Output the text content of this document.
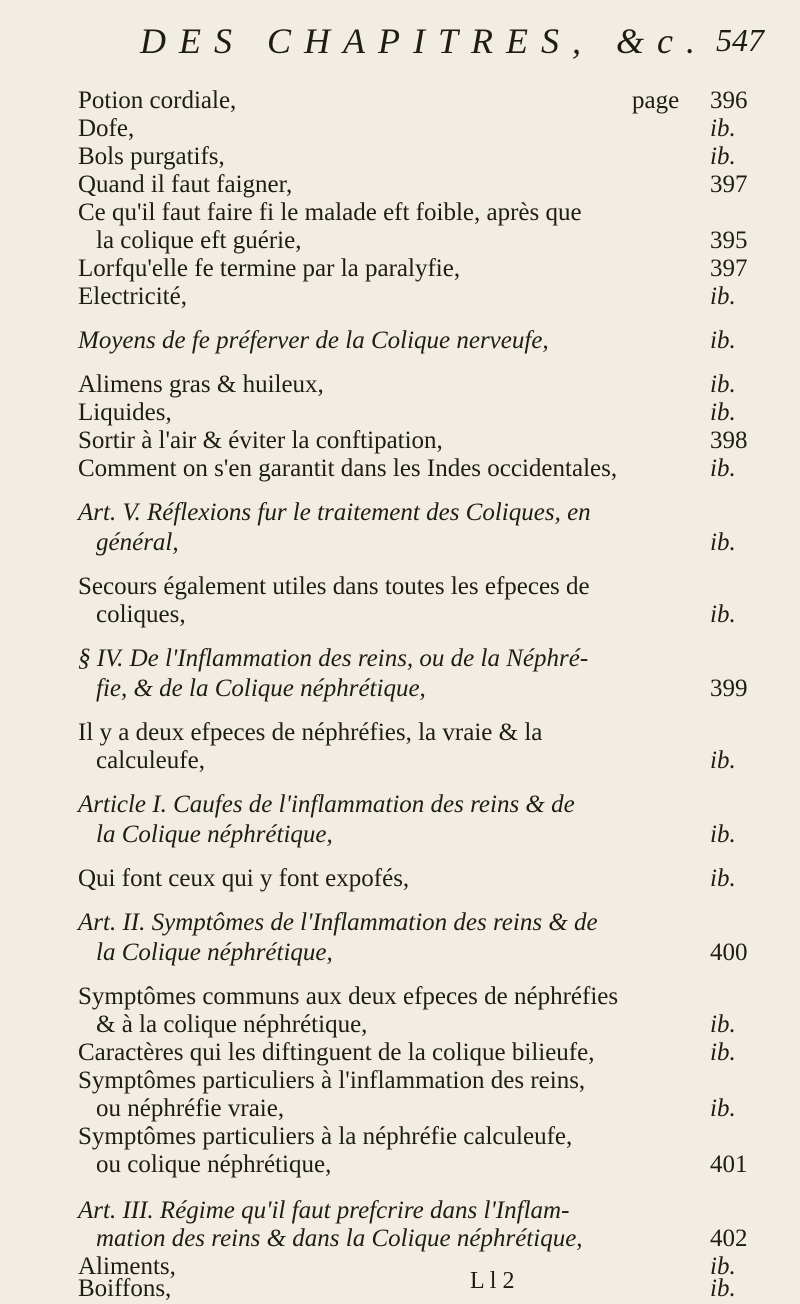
DES CHAPITRES, &c. 547
Potion cordiale,	page 396
Dofe,	ib.
Bols purgatifs,	ib.
Quand il faut faigner,	397
Ce qu'il faut faire fi le malade eft foible, après que
la colique eft guérie,	395
Lorfqu'elle fe termine par la paralyfie,	397
Electricité,	ib.
Moyens de fe préferver de la Colique nerveufe,	ib.
Alimens gras & huileux,	ib.
Liquides,	ib.
Sortir à l'air & éviter la conftipation,	398
Comment on s'en garantit dans les Indes occidentales,	ib.
Art. V. Réflexions fur le traitement des Coliques, en
général,	ib.
Secours également utiles dans toutes les efpeces de
coliques,	ib.
§ IV. De l'Inflammation des reins, ou de la Néphré-
fie, & de la Colique néphrétique,	399
Il y a deux efpeces de néphréfies, la vraie & la
calculeufe,	ib.
Article I. Caufes de l'inflammation des reins & de
la Colique néphrétique,	ib.
Qui font ceux qui y font expofés,	ib.
Art. II. Symptômes de l'Inflammation des reins & de
la Colique néphrétique,	400
Symptômes communs aux deux efpeces de néphréfies
& à la colique néphrétique,	ib.
Caractères qui les diftinguent de la colique bilieufe,	ib.
Symptômes particuliers à l'inflammation des reins,
ou néphréfie vraie,	ib.
Symptômes particuliers à la néphréfie calculeufe,
ou colique néphrétique,	401
Art. III. Régime qu'il faut prefcrire dans l'Inflam-
mation des reins & dans la Colique néphrétique,	402
Aliments,	ib.
Boiffons,	ib.
L l 2
